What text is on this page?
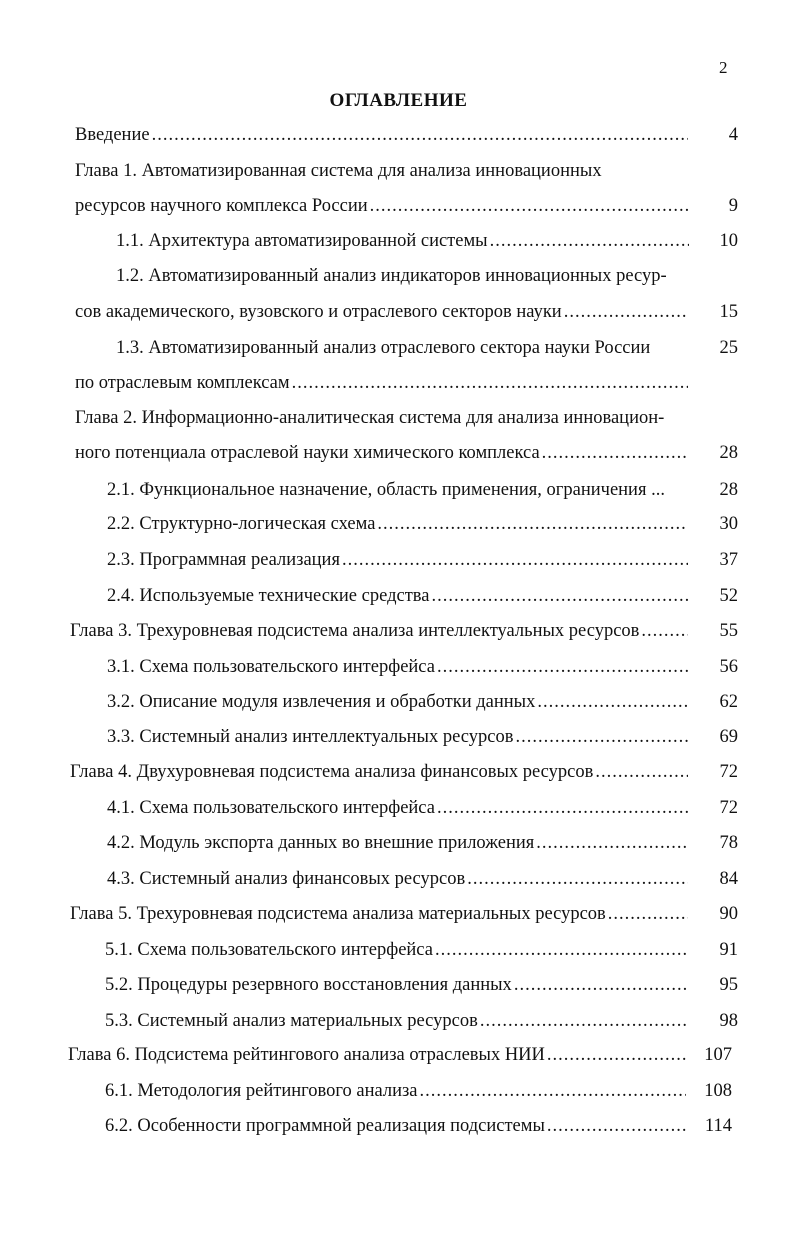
2
ОГЛАВЛЕНИЕ
Введение .....	4
Глава 1. Автоматизированная система для анализа инновационных
ресурсов научного комплекса России .....	9
1.1. Архитектура автоматизированной системы .....	10
1.2. Автоматизированный анализ индикаторов инновационных ресур-
сов академического, вузовского и отраслевого секторов науки .....	15
1.3. Автоматизированный анализ отраслевого сектора науки России	25
по отраслевым комплексам
.....
Глава 2. Информационно-аналитическая система для анализа инновацион-
ного потенциала отраслевой науки химического комплекса .....	28
2.1. Функциональное назначение, область применения, ограничения ...	28
2.2. Структурно-логическая схема .....	30
2.3. Программная реализация .....	37
2.4. Используемые технические средства .....	52
Глава 3. Трехуровневая подсистема анализа интеллектуальных ресурсов .....	55
3.1. Схема пользовательского интерфейса .....	56
3.2. Описание модуля извлечения и обработки данных .....	62
3.3. Системный анализ интеллектуальных ресурсов .....	69
Глава 4. Двухуровневая подсистема анализа финансовых ресурсов .....	72
4.1. Схема пользовательского интерфейса .....	72
4.2. Модуль экспорта данных во внешние приложения .....	78
4.3. Системный анализ финансовых ресурсов .....	84
Глава 5. Трехуровневая подсистема анализа материальных ресурсов .....	90
5.1. Схема пользовательского интерфейса .....	91
5.2. Процедуры резервного восстановления данных .....	95
5.3. Системный анализ материальных ресурсов .....	98
Глава 6. Подсистема рейтингового анализа отраслевых НИИ .....	107
6.1. Методология рейтингового анализа .....	108
6.2. Особенности программной реализация подсистемы .....	114
